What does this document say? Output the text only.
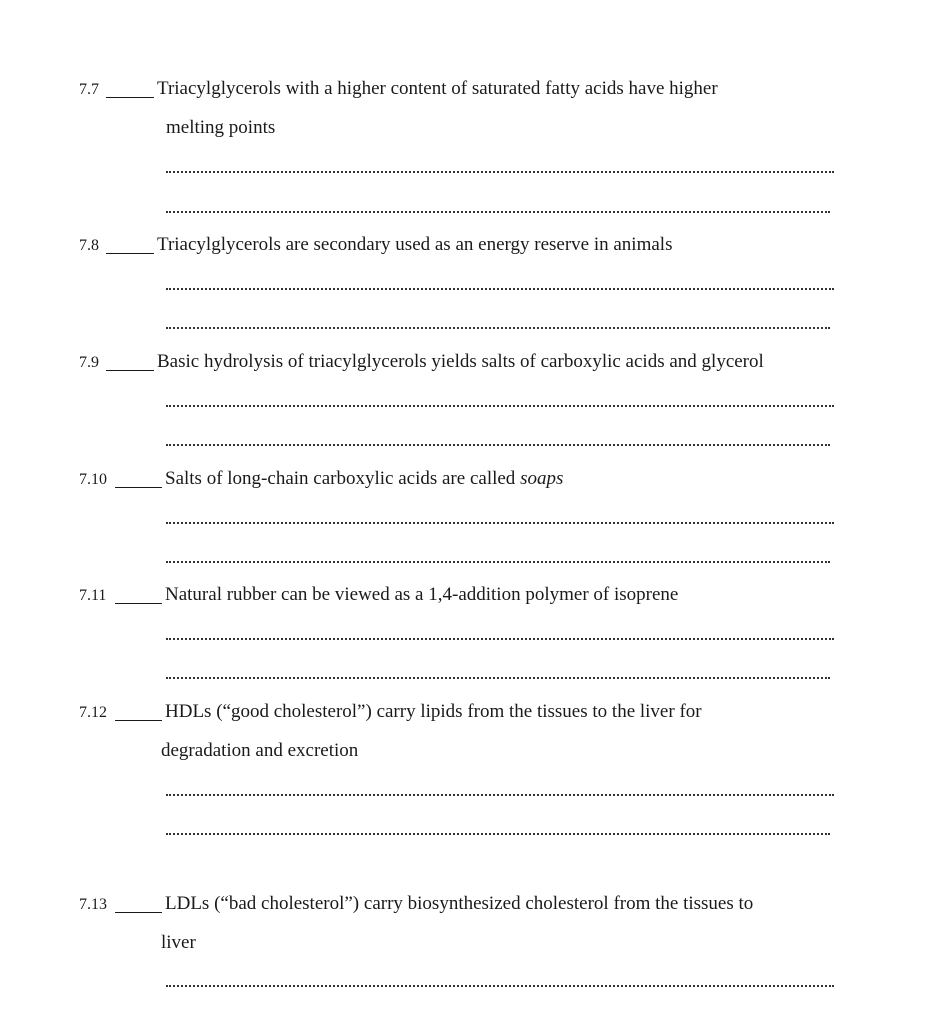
7.7	Triacylglycerols with a higher content of saturated fatty acids have higher
melting points
7.8	Triacylglycerols are secondary used as an energy reserve in animals
7.9	Basic hydrolysis of triacylglycerols yields salts of carboxylic acids and glycerol
7.10	Salts of long-chain carboxylic acids are called soaps
7.11	Natural rubber can be viewed as a 1,4-addition polymer of isoprene
7.12	HDLs (“good cholesterol”) carry lipids from the tissues to the liver for
degradation and excretion
7.13	LDLs (“bad cholesterol”) carry biosynthesized cholesterol from the tissues to
liver
